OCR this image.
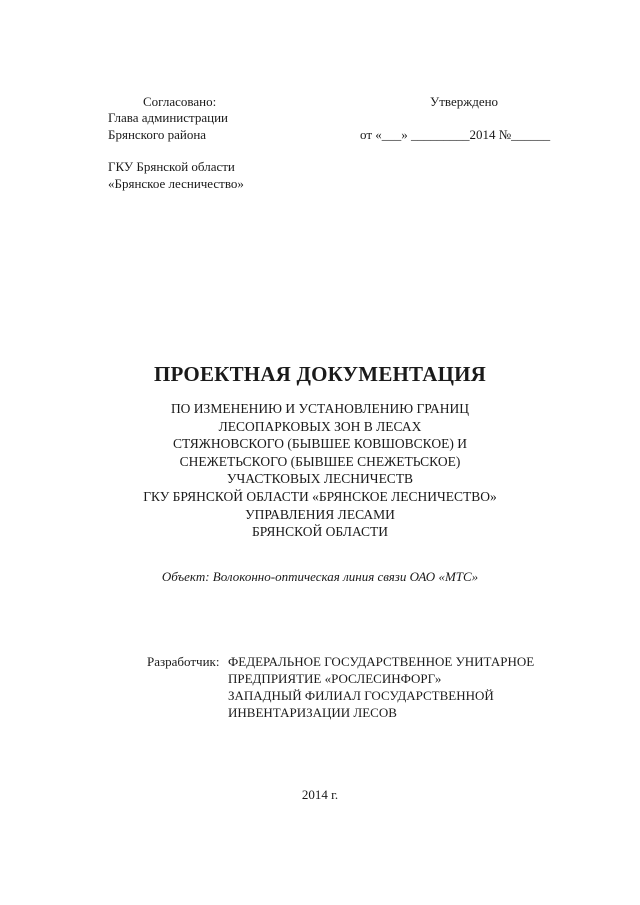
Согласовано:
Глава администрации
Брянского района
ГКУ Брянской области
«Брянское лесничество»
Утверждено
от «___» _________2014 №______
ПРОЕКТНАЯ ДОКУМЕНТАЦИЯ
ПО ИЗМЕНЕНИЮ И УСТАНОВЛЕНИЮ ГРАНИЦ
ЛЕСОПАРКОВЫХ ЗОН В ЛЕСАХ
СТЯЖНОВСКОГО (БЫВШЕЕ КОВШОВСКОЕ) И
СНЕЖЕТЬСКОГО (БЫВШЕЕ СНЕЖЕТЬСКОЕ)
УЧАСТКОВЫХ ЛЕСНИЧЕСТВ
ГКУ БРЯНСКОЙ ОБЛАСТИ «БРЯНСКОЕ ЛЕСНИЧЕСТВО»
УПРАВЛЕНИЯ ЛЕСАМИ
БРЯНСКОЙ ОБЛАСТИ
Объект: Волоконно-оптическая линия связи ОАО «МТС»
Разработчик: ФЕДЕРАЛЬНОЕ ГОСУДАРСТВЕННОЕ УНИТАРНОЕ
ПРЕДПРИЯТИЕ «РОСЛЕСИНФОРГ»
ЗАПАДНЫЙ ФИЛИАЛ ГОСУДАРСТВЕННОЙ
ИНВЕНТАРИЗАЦИИ ЛЕСОВ
2014 г.
